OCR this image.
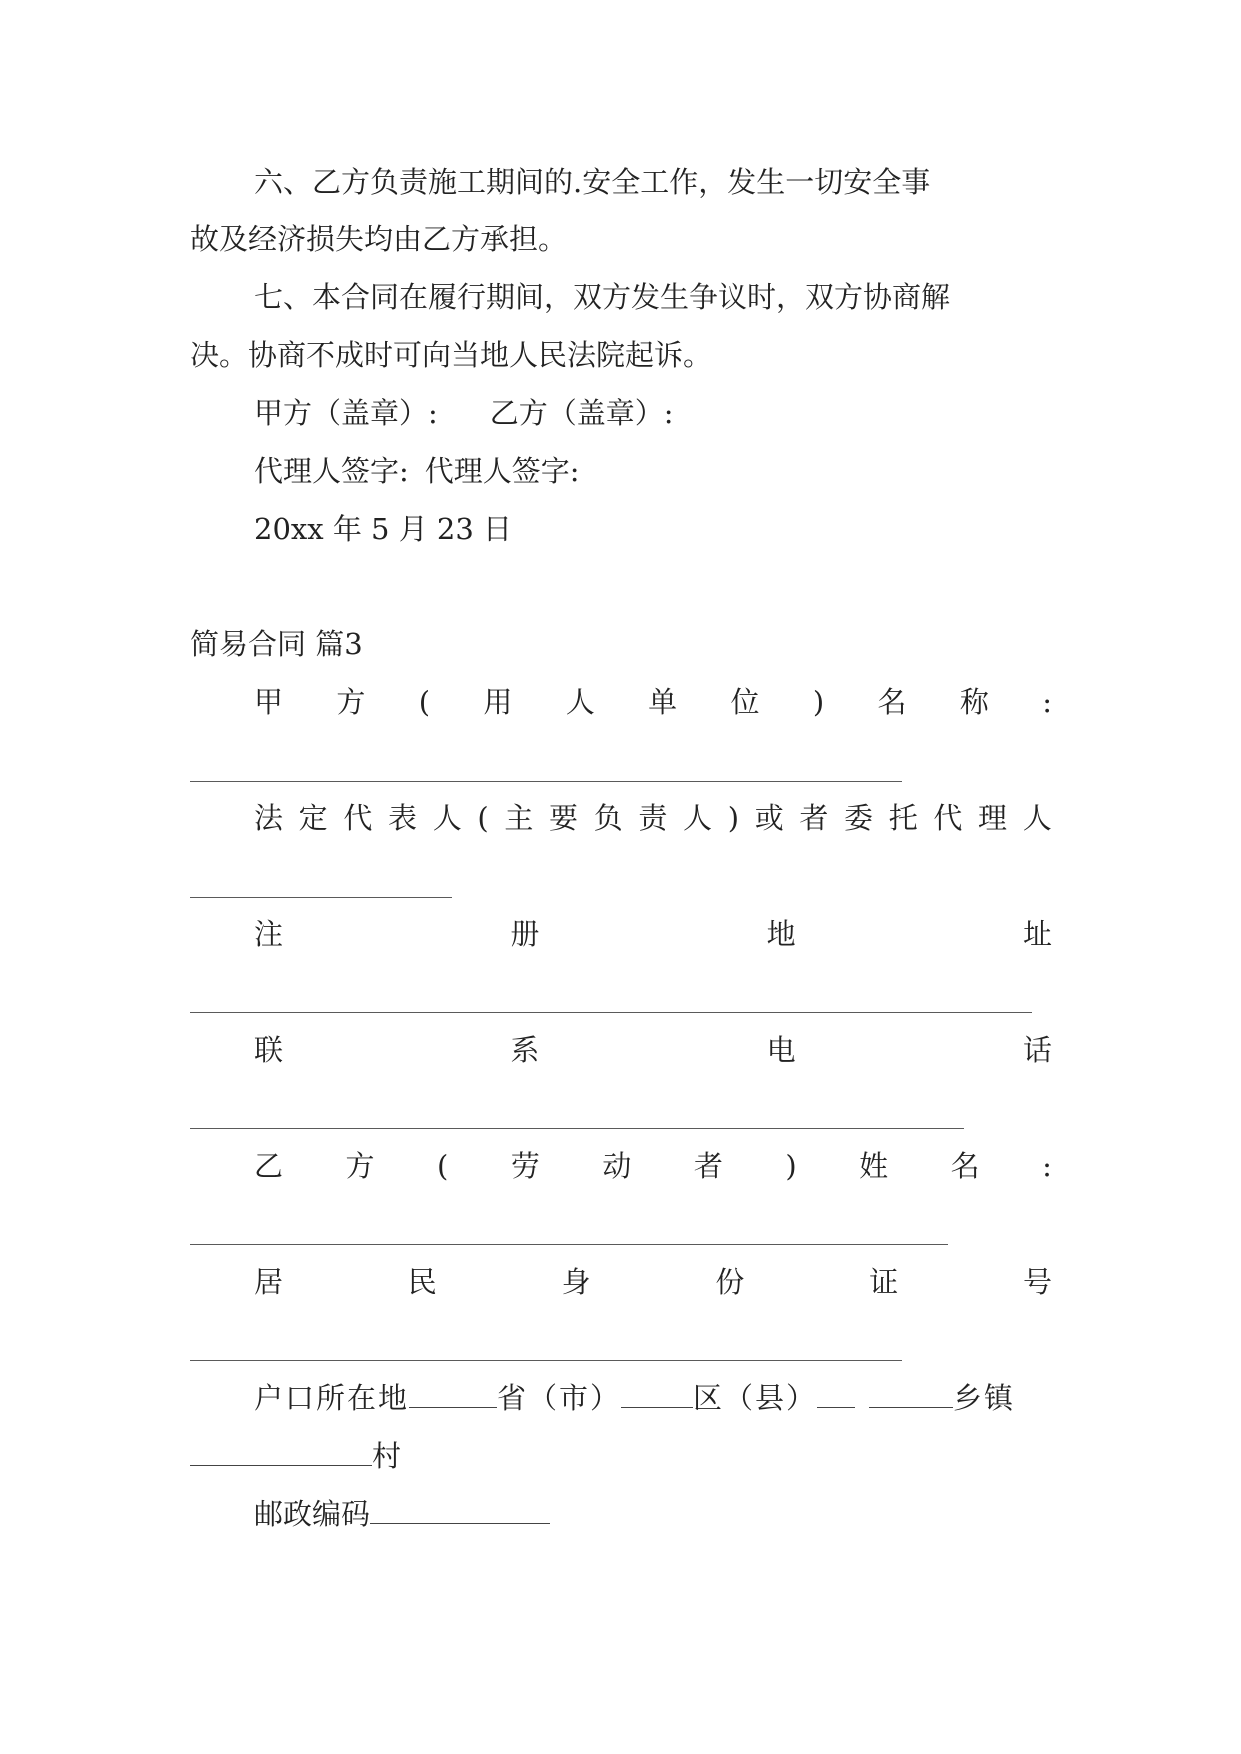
六、乙方负责施工期间的.安全工作，发生一切安全事
故及经济损失均由乙方承担。
七、本合同在履行期间，双方发生争议时，双方协商解
决。协商不成时可向当地人民法院起诉。
甲方（盖章）: 乙方（盖章）:
代理人签字: 代理人签字:
20xx 年 5 月 23 日
简易合同 篇3
甲 方 ( 用 人 单 位 ) 名 称 :
法 定 代 表 人 ( 主 要 负 责 人 ) 或 者 委 托 代 理 人
注	册	地	址
联	系	电	话
乙 方 ( 劳 动 者 ) 姓 名 :
居	民	身	份	证	号
户口所在地	省（市） 区（县）	乡镇
村
邮政编码
